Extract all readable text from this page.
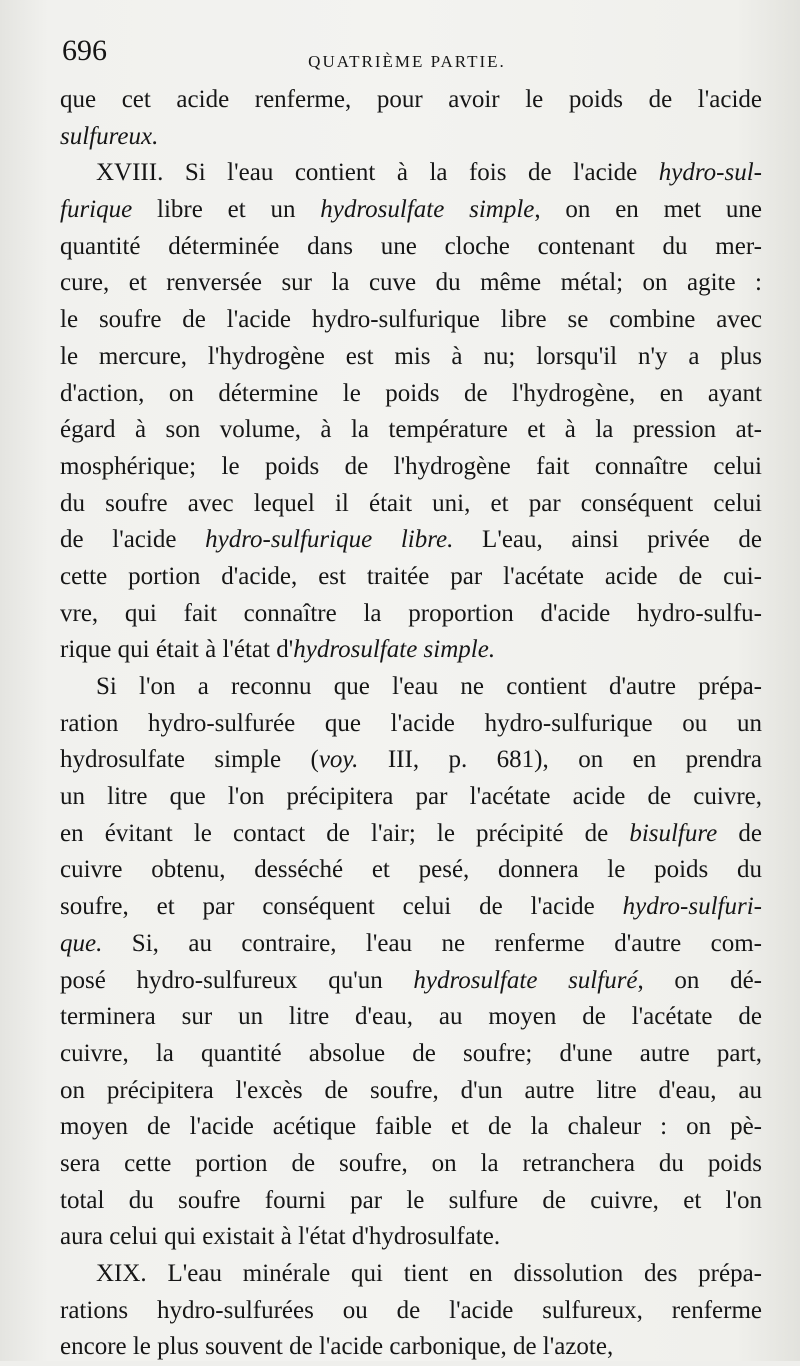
696	QUATRIÈME PARTIE.
que cet acide renferme, pour avoir le poids de l'acide
sulfureux.
XVIII. Si l'eau contient à la fois de l'acide hydro-sul-
furique libre et un hydrosulfate simple, on en met une
quantité déterminée dans une cloche contenant du mer-
cure, et renversée sur la cuve du même métal; on agite :
le soufre de l'acide hydro-sulfurique libre se combine avec
le mercure, l'hydrogène est mis à nu; lorsqu'il n'y a plus
d'action, on détermine le poids de l'hydrogène, en ayant
égard à son volume, à la température et à la pression at-
mosphérique; le poids de l'hydrogène fait connaître celui
du soufre avec lequel il était uni, et par conséquent celui
de l'acide hydro-sulfurique libre. L'eau, ainsi privée de
cette portion d'acide, est traitée par l'acétate acide de cui-
vre, qui fait connaître la proportion d'acide hydro-sulfu-
rique qui était à l'état d'hydrosulfate simple.
Si l'on a reconnu que l'eau ne contient d'autre prépa-
ration hydro-sulfurée que l'acide hydro-sulfurique ou un
hydrosulfate simple (voy. III, p. 681), on en prendra
un litre que l'on précipitera par l'acétate acide de cuivre,
en évitant le contact de l'air; le précipité de bisulfure de
cuivre obtenu, desséché et pesé, donnera le poids du
soufre, et par conséquent celui de l'acide hydro-sulfuri-
que. Si, au contraire, l'eau ne renferme d'autre com-
posé hydro-sulfureux qu'un hydrosulfate sulfuré, on dé-
terminera sur un litre d'eau, au moyen de l'acétate de
cuivre, la quantité absolue de soufre; d'une autre part,
on précipitera l'excès de soufre, d'un autre litre d'eau, au
moyen de l'acide acétique faible et de la chaleur : on pè-
sera cette portion de soufre, on la retranchera du poids
total du soufre fourni par le sulfure de cuivre, et l'on
aura celui qui existait à l'état d'hydrosulfate.
XIX. L'eau minérale qui tient en dissolution des prépa-
rations hydro-sulfurées ou de l'acide sulfureux, renferme
encore le plus souvent de l'acide carbonique, de l'azote,
